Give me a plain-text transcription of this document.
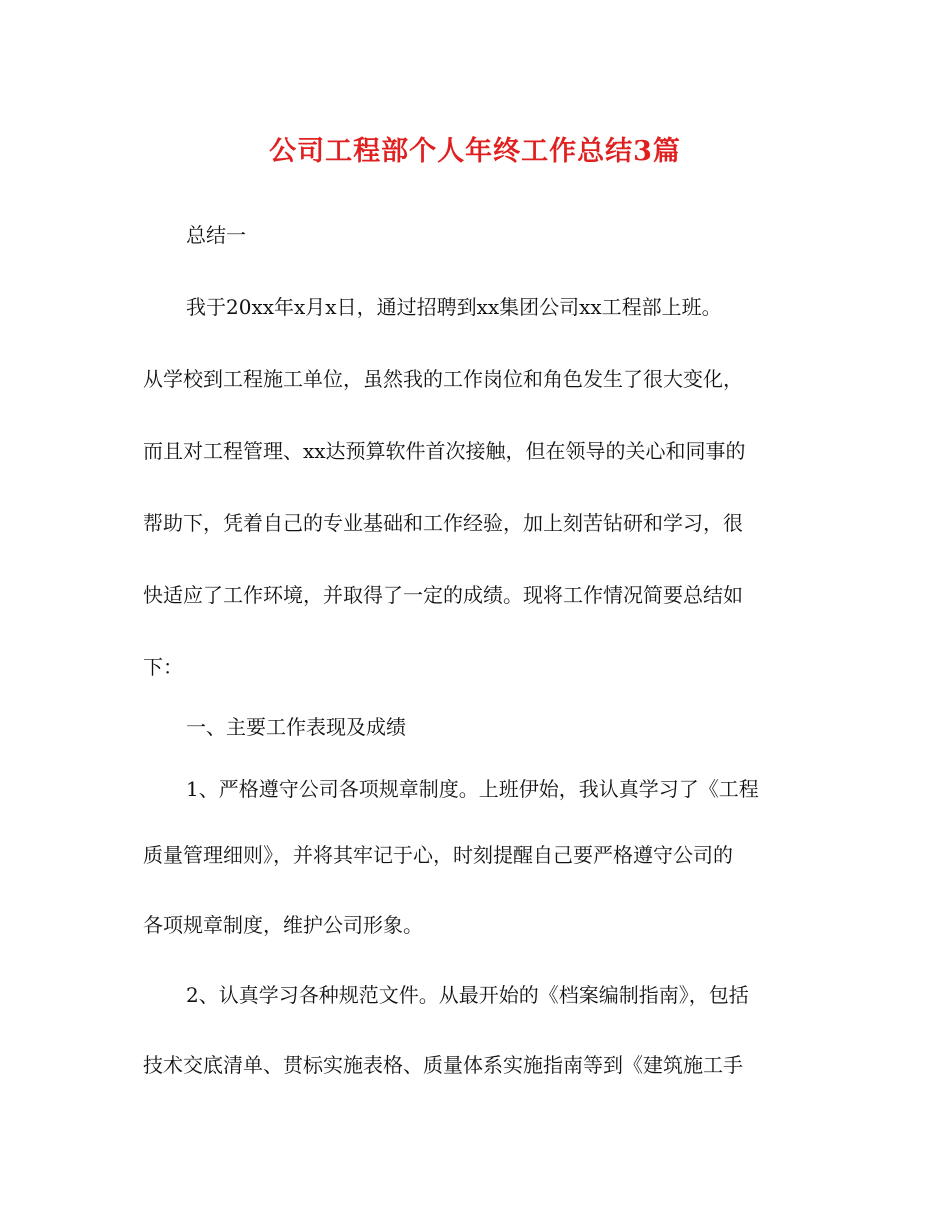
公司工程部个人年终工作总结3篇
总结一
我于20xx年x月x日，通过招聘到xx集团公司xx工程部上班。
从学校到工程施工单位，虽然我的工作岗位和角色发生了很大变化，
而且对工程管理、xx达预算软件首次接触，但在领导的关心和同事的
帮助下，凭着自己的专业基础和工作经验，加上刻苦钻研和学习，很
快适应了工作环境，并取得了一定的成绩。现将工作情况简要总结如
下：
一、主要工作表现及成绩
1、严格遵守公司各项规章制度。上班伊始，我认真学习了《工程
质量管理细则》，并将其牢记于心，时刻提醒自己要严格遵守公司的
各项规章制度，维护公司形象。
2、认真学习各种规范文件。从最开始的《档案编制指南》，包括
技术交底清单、贯标实施表格、质量体系实施指南等到《建筑施工手
